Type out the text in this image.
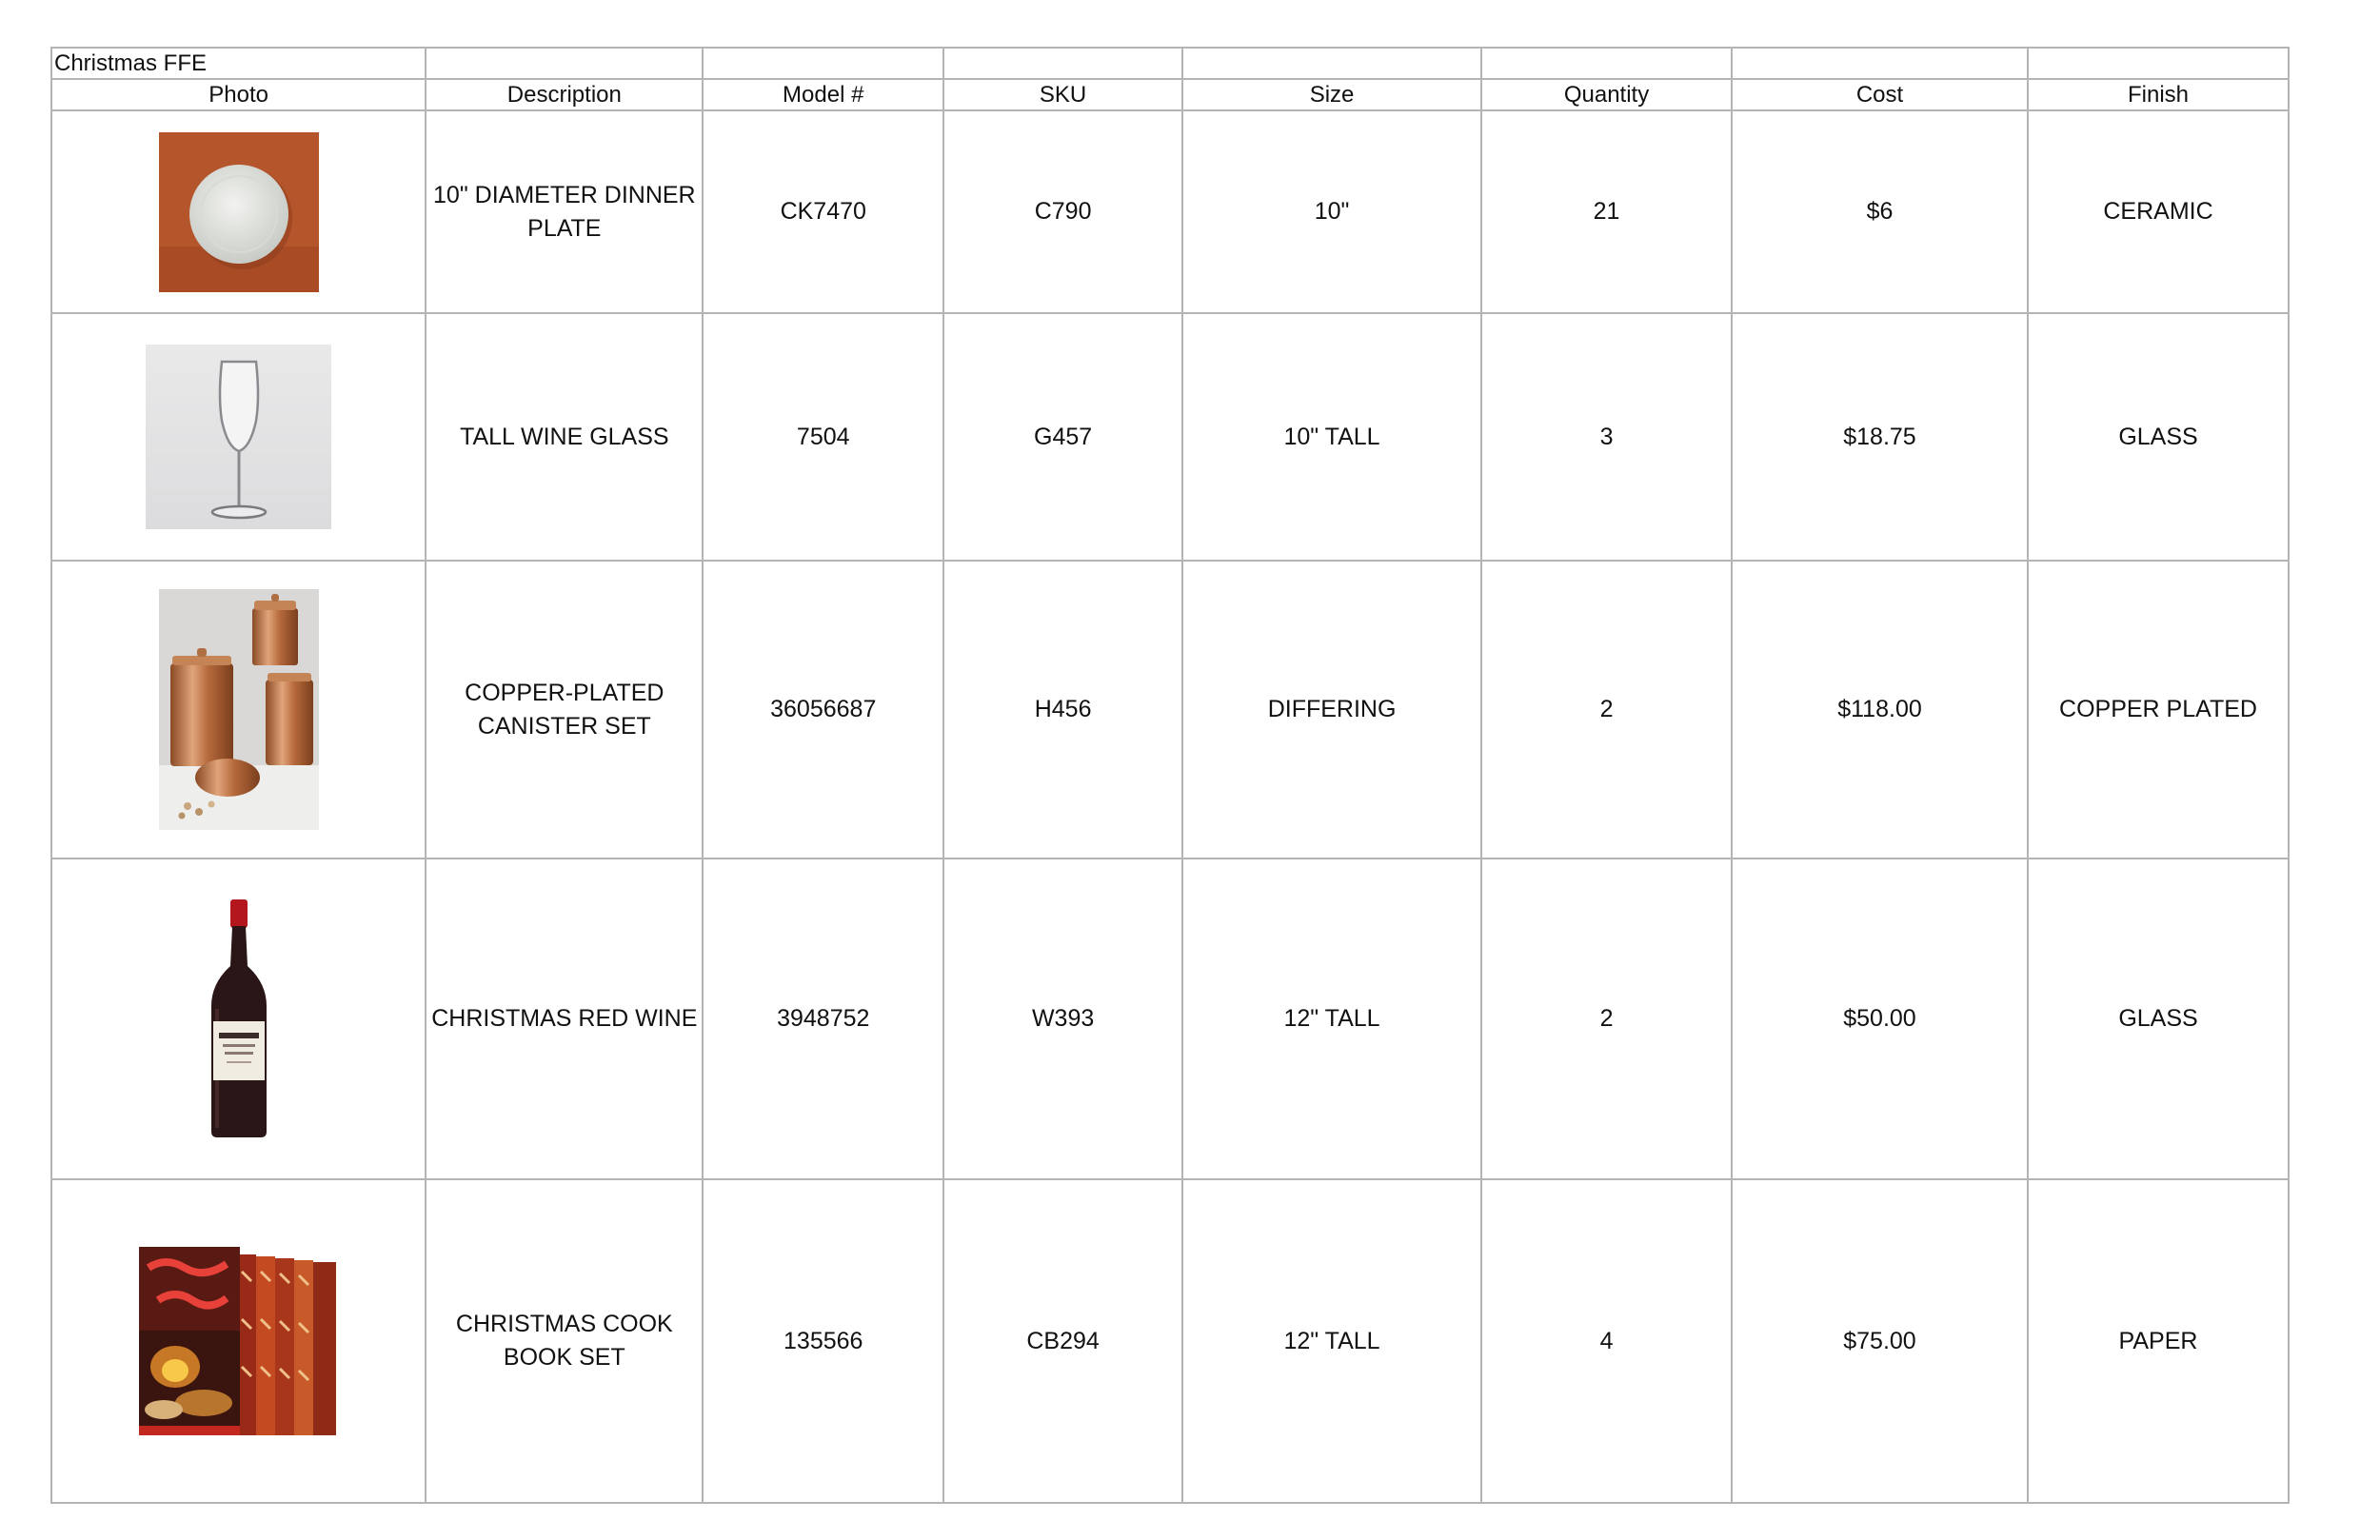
Christmas FFE							
Photo	Description	Model #	SKU	Size	Quantity	Cost	Finish

	10" DIAMETER DINNER PLATE	CK7470	C790	10"	21	$6	CERAMIC

	TALL WINE GLASS	7504	G457	10" TALL	3	$18.75	GLASS

	COPPER-PLATED CANISTER SET	36056687	H456	DIFFERING	2	$118.00	COPPER PLATED

	CHRISTMAS RED WINE	3948752	W393	12" TALL	2	$50.00	GLASS

	CHRISTMAS COOK BOOK SET	135566	CB294	12" TALL	4	$75.00	PAPER
